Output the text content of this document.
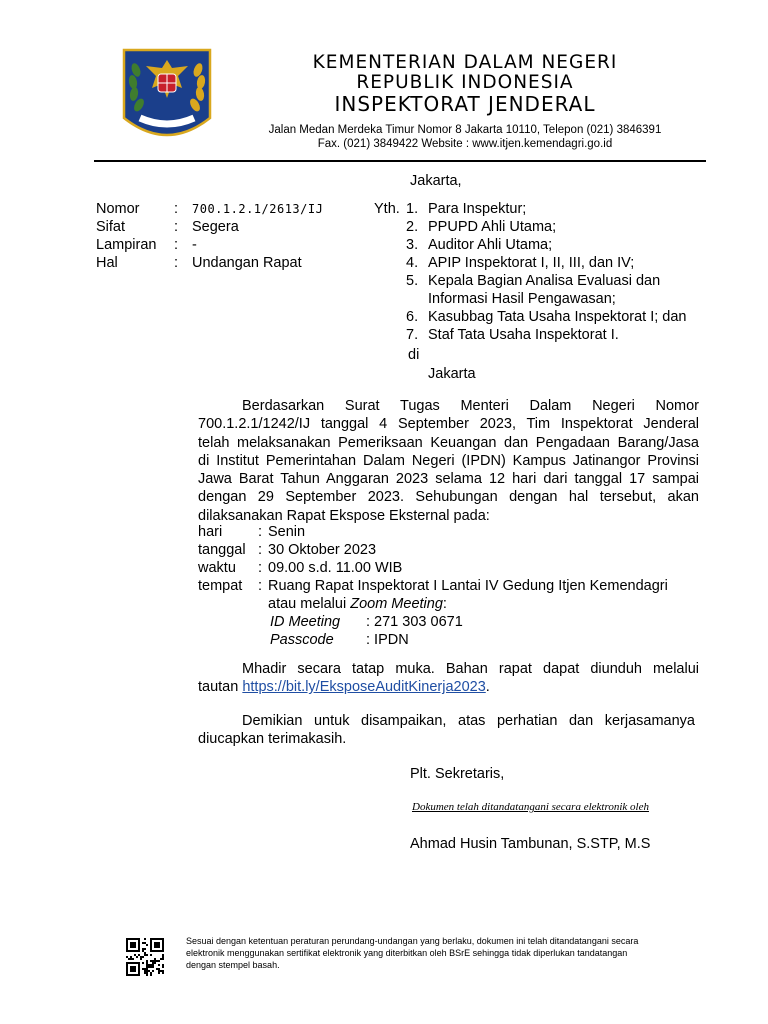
KEMENTERIAN DALAM NEGERI
REPUBLIK INDONESIA
INSPEKTORAT JENDERAL
Jalan Medan Merdeka Timur Nomor 8 Jakarta 10110, Telepon (021) 3846391
Fax. (021) 3849422 Website : www.itjen.kemendagri.go.id
Jakarta,
Nomor : 700.1.2.1/2613/IJ
Sifat	: Segera
Lampiran : -
Hal	: Undangan Rapat
Yth. 1. Para Inspektur;
2. PPUPD Ahli Utama;
3. Auditor Ahli Utama;
4. APIP Inspektorat I, II, III, dan IV;
5. Kepala Bagian Analisa Evaluasi dan
Informasi Hasil Pengawasan;
6. Kasubbag Tata Usaha Inspektorat I; dan
7. Staf Tata Usaha Inspektorat I.
di
Jakarta
Berdasarkan Surat Tugas Menteri Dalam Negeri Nomor
700.1.2.1/1242/IJ tanggal 4 September 2023, Tim Inspektorat Jenderal
telah melaksanakan Pemeriksaan Keuangan dan Pengadaan Barang/Jasa
di Institut Pemerintahan Dalam Negeri (IPDN) Kampus Jatinangor Provinsi
Jawa Barat Tahun Anggaran 2023 selama 12 hari dari tanggal 17 sampai
dengan 29 September 2023. Sehubungan dengan hal tersebut, akan
dilaksanakan Rapat Ekspose Eksternal pada:
hari : Senin
tanggal : 30 Oktober 2023
waktu : 09.00 s.d. 11.00 WIB
tempat : Ruang Rapat Inspektorat I Lantai IV Gedung Itjen Kemendagri
atau melalui Zoom Meeting:
ID Meeting : 271 303 0671
Passcode : IPDN
Mhadir secara tatap muka. Bahan rapat dapat diunduh melalui
tautan https://bit.ly/EksposeAuditKinerja2023.
Demikian untuk disampaikan, atas perhatian dan kerjasamanya
diucapkan terimakasih.
Plt. Sekretaris,
Dokumen telah ditandatangani secara elektronik oleh
Ahmad Husin Tambunan, S.STP, M.S
Sesuai dengan ketentuan peraturan perundang-undangan yang berlaku, dokumen ini telah ditandatangani secara
elektronik menggunakan sertifikat elektronik yang diterbitkan oleh BSrE sehingga tidak diperlukan tandatangan
dengan stempel basah.
